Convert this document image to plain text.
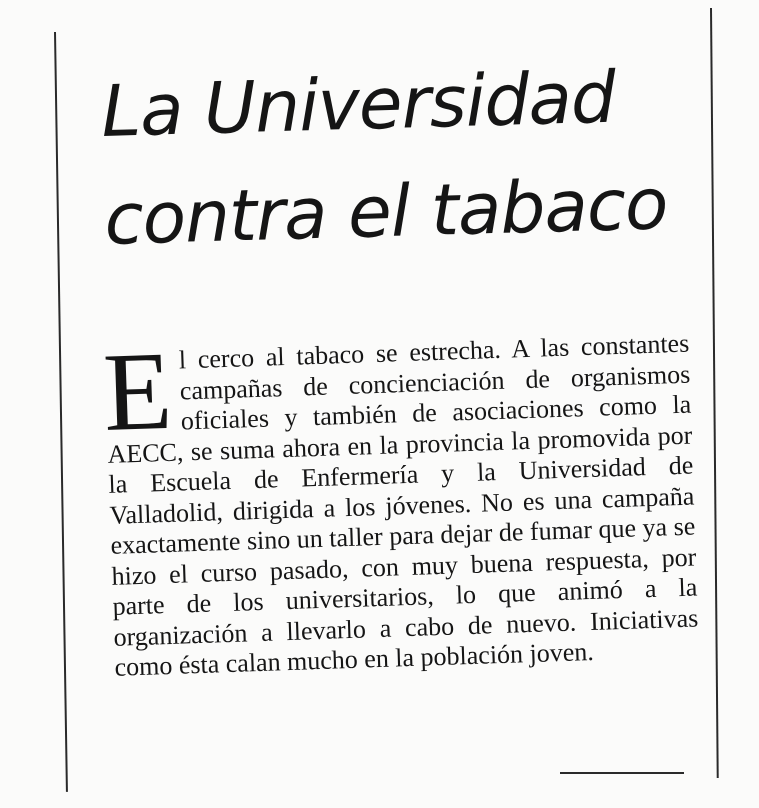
La Universidad
contra el tabaco
E l cerco al tabaco se estrecha. A las constantes campañas de concienciación de organismos oficiales y también de asociaciones como la AECC, se suma ahora en la provincia la promovida por la Escuela de Enfermería y la Universidad de Valladolid, dirigida a los jóvenes. No es una campaña exactamente sino un taller para dejar de fumar que ya se hizo el curso pasado, con muy buena respuesta, por parte de los universitarios, lo que animó a la organización a llevarlo a cabo de nuevo. Iniciativas como ésta calan mucho en la población joven.
